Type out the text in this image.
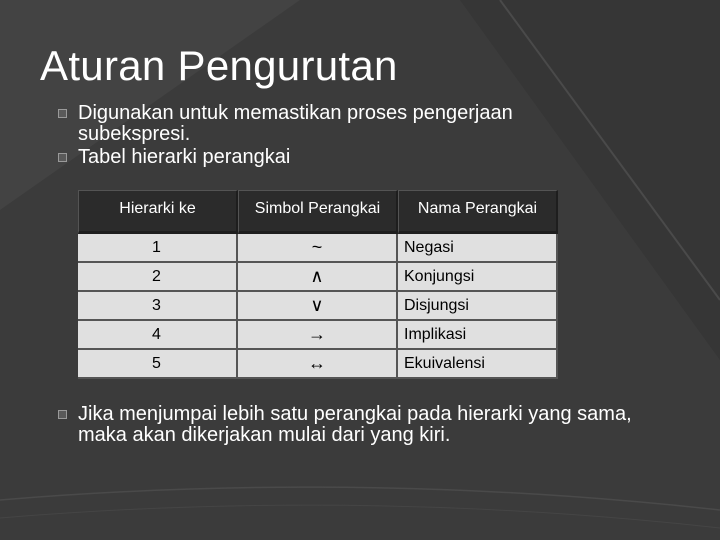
Aturan Pengurutan
Digunakan untuk memastikan proses pengerjaan subekspresi.
Tabel hierarki perangkai
Hierarki ke	Simbol Perangkai	Nama Perangkai
1	~	Negasi
2	∧	Konjungsi
3	∨	Disjungsi
4	→	Implikasi
5	↔	Ekuivalensi
Jika menjumpai lebih satu perangkai pada hierarki yang sama, maka akan dikerjakan mulai dari yang kiri.
